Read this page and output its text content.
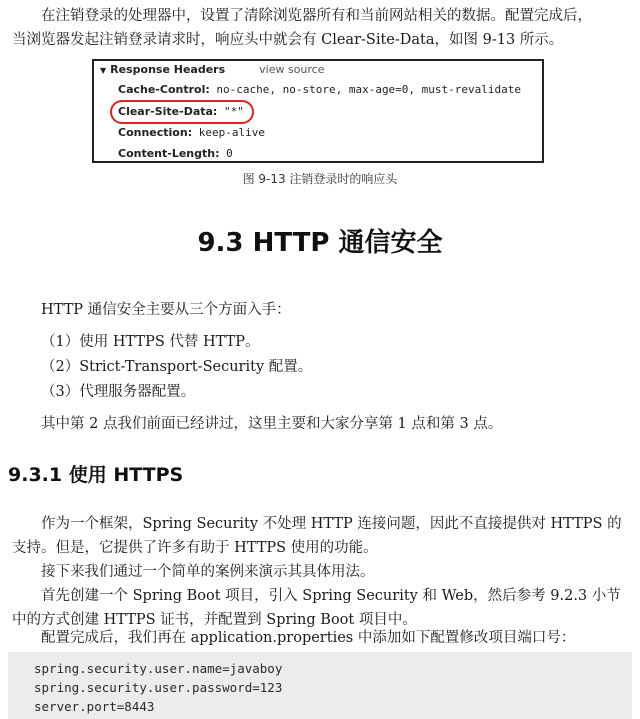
在注销登录的处理器中，设置了清除浏览器所有和当前网站相关的数据。配置完成后，

当浏览器发起注销登录请求时，响应头中就会有 Clear-Site-Data，如图 9-13 所示。

▼ Response Headers	view source
Cache-Control: no-cache, no-store, max-age=0, must-revalidate
Clear-Site-Data: "*"
Connection: keep-alive
Content-Length: 0
图 9-13 注销登录时的响应头
9.3 HTTP 通信安全

HTTP 通信安全主要从三个方面入手：

（1）使用 HTTPS 代替 HTTP。

（2）Strict-Transport-Security 配置。

（3）代理服务器配置。

其中第 2 点我们前面已经讲过，这里主要和大家分享第 1 点和第 3 点。

9.3.1 使用 HTTPS

作为一个框架，Spring Security 不处理 HTTP 连接问题，因此不直接提供对 HTTPS 的支持。但是，它提供了许多有助于 HTTPS 使用的功能。

接下来我们通过一个简单的案例来演示其具体用法。

首先创建一个 Spring Boot 项目，引入 Spring Security 和 Web，然后参考 9.2.3 小节中的方式创建 HTTPS 证书，并配置到 Spring Boot 项目中。

配置完成后，我们再在 application.properties 中添加如下配置修改项目端口号：

spring.security.user.name=javaboy
spring.security.user.password=123
server.port=8443
